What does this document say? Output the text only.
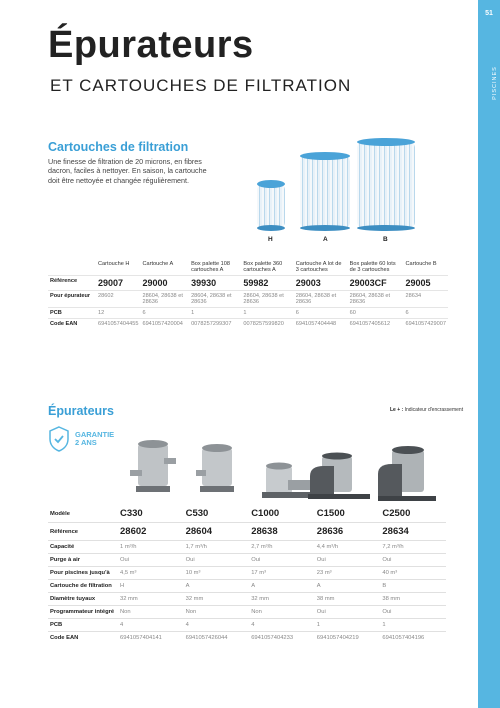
51
PISCINES
Épurateurs
ET CARTOUCHES DE FILTRATION
Cartouches de filtration
Une finesse de filtration de 20 microns, en fibres dacron, faciles à nettoyer. En saison, la cartouche doit être nettoyée et changée régulièrement.
H	A	B
	Cartouche H	Cartouche A	Box palette 108 cartouches A	Box palette 360 cartouches A	Cartouche A lot de 3 cartouches	Box palette 60 lots de 3 cartouches	Cartouche B
Référence	29007	29000	39930	59982	29003	29003CF	29005
Pour épurateur	28602	28604, 28638 et 28636	28604, 28638 et 28636	28604, 28638 et 28636	28604, 28638 et 28636	28604, 28638 et 28636	28634
PCB	12	6	1	1	6	60	6
Code EAN	6941057404455	6941057420004	0078257299307	0078257599820	6941057404448	6941057405612	6941057429007
Épurateurs
GARANTIE
2 ANS
Le + : Indicateur d'encrassement
Modèle	C330	C530	C1000	C1500	C2500
Référence	28602	28604	28638	28636	28634
Capacité	1 m³/h	1,7 m³/h	2,7 m³/h	4,4 m³/h	7,2 m³/h
Purge à air	Oui	Oui	Oui	Oui	Oui
Pour piscines jusqu'à	4,5 m³	10 m³	17 m³	23 m³	40 m³
Cartouche de filtration	H	A	A	A	B
Diamètre tuyaux	32 mm	32 mm	32 mm	38 mm	38 mm
Programmateur intégré	Non	Non	Non	Oui	Oui
PCB	4	4	4	1	1
Code EAN	6941057404141	6941057426044	6941057404233	6941057404219	6941057404196
